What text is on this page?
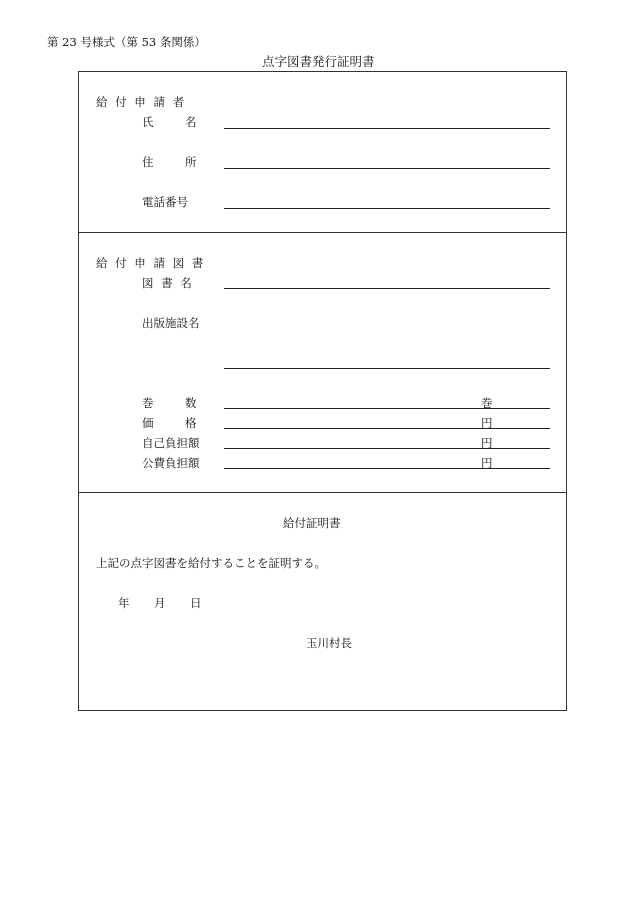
第 23 号様式（第 53 条関係）
点字図書発行証明書
給 付 申 請 者
氏　名
住　所
電話番号
給 付 申 請 図 書
図 書 名
出版施設名
巻　数	巻
価　格	円
自己負担額	円
公費負担額	円
給付証明書
上記の点字図書を給付することを証明する。
年 月 日
玉川村長
